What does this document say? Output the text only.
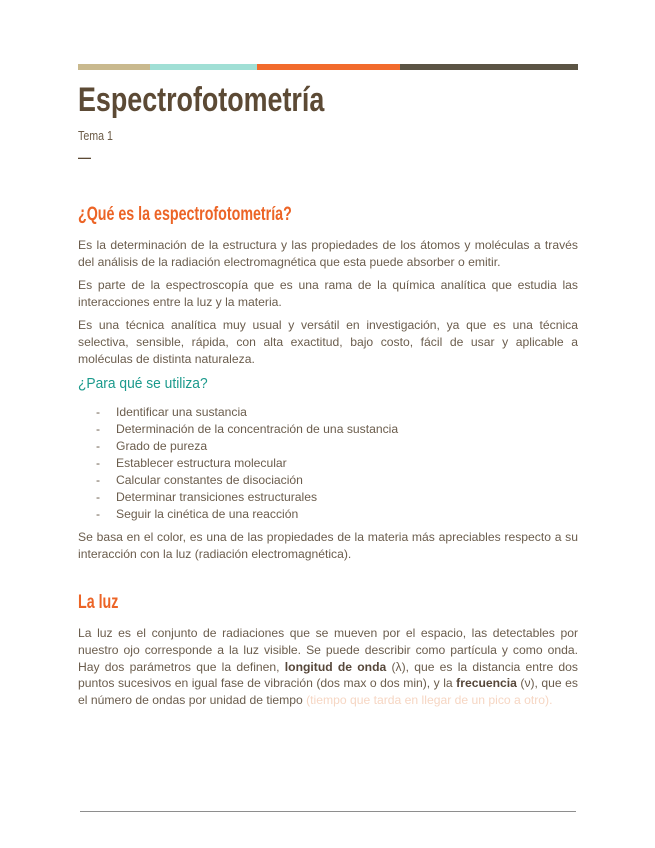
Espectrofotometría
Tema 1
—
¿Qué es la espectrofotometría?

Es la determinación de la estructura y las propiedades de los átomos y moléculas a través del análisis de la radiación electromagnética que esta puede absorber o emitir.

Es parte de la espectroscopía que es una rama de la química analítica que estudia las interacciones entre la luz y la materia.

Es una técnica analítica muy usual y versátil en investigación, ya que es una técnica selectiva, sensible, rápida, con alta exactitud, bajo costo, fácil de usar y aplicable a moléculas de distinta naturaleza.

¿Para qué se utiliza?
- Identificar una sustancia
- Determinación de la concentración de una sustancia
- Grado de pureza
- Establecer estructura molecular
- Calcular constantes de disociación
- Determinar transiciones estructurales
- Seguir la cinética de una reacción

Se basa en el color, es una de las propiedades de la materia más apreciables respecto a su interacción con la luz (radiación electromagnética).

La luz

La luz es el conjunto de radiaciones que se mueven por el espacio, las detectables por nuestro ojo corresponde a la luz visible. Se puede describir como partícula y como onda. Hay dos parámetros que la definen, longitud de onda (λ), que es la distancia entre dos puntos sucesivos en igual fase de vibración (dos max o dos min), y la frecuencia (ν), que es el número de ondas por unidad de tiempo (tiempo que tarda en llegar de un pico a otro).
